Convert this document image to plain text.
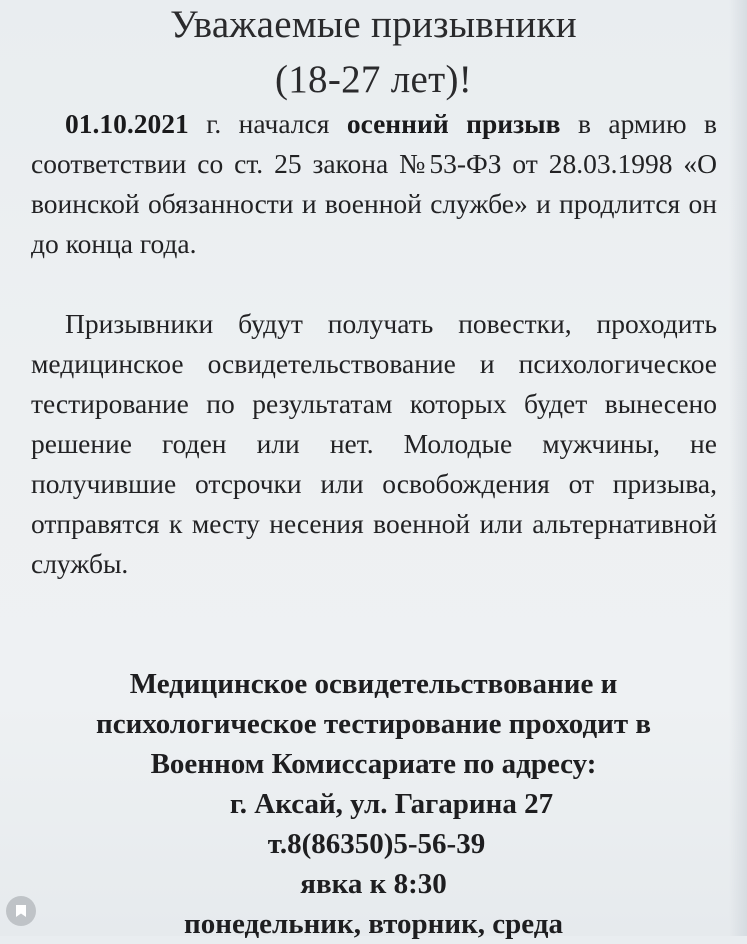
Уважаемые призывники
(18-27 лет)!

01.10.2021 г. начался осенний призыв в армию в соответствии со ст. 25 закона №53-ФЗ от 28.03.1998 «О воинской обязанности и военной службе» и продлится он до конца года.

Призывники будут получать повестки, проходить медицинское освидетельствование и психологическое тестирование по результатам которых будет вынесено решение годен или нет. Молодые мужчины, не получившие отсрочки или освобождения от призыва, отправятся к месту несения военной или альтернативной службы.

Медицинское освидетельствование и
психологическое тестирование проходит в
Военном Комиссариате по адресу:
г. Аксай, ул. Гагарина 27
т.8(86350)5-56-39
явка к 8:30
понедельник, вторник, среда
